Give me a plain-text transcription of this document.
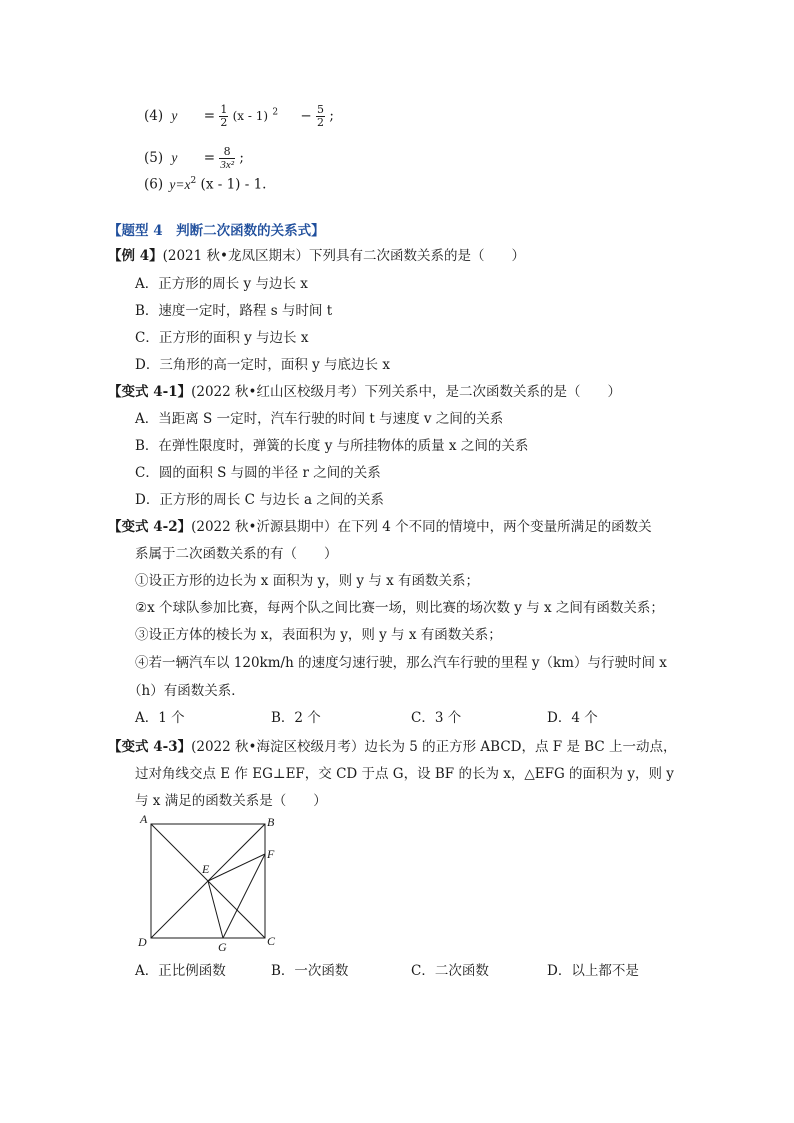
(4) $y = \frac{1}{2} (x - 1) ^2 - \frac{5}{2}$ ;
(5) $y = \frac{8}{\text{3x²}}$ ;
(6) $y=x^2$ (x - 1) - 1.
【题型 4　判断二次函数的关系式】
【例 4】(2021 秋•龙凤区期末）下列具有二次函数关系的是（　　）
A．正方形的周长 y 与边长 x
B．速度一定时，路程 s 与时间 t
C．正方形的面积 y 与边长 x
D．三角形的高一定时，面积 y 与底边长 x
【变式 4-1】(2022 秋•红山区校级月考）下列关系中，是二次函数关系的是（　　）
A．当距离 S 一定时，汽车行驶的时间 t 与速度 v 之间的关系
B．在弹性限度时，弹簧的长度 y 与所挂物体的质量 x 之间的关系
C．圆的面积 S 与圆的半径 r 之间的关系
D．正方形的周长 C 与边长 a 之间的关系
【变式 4-2】(2022 秋•沂源县期中）在下列 4 个不同的情境中，两个变量所满足的函数关
系属于二次函数关系的有（　　）
①设正方形的边长为 x 面积为 y，则 y 与 x 有函数关系；
②x 个球队参加比赛，每两个队之间比赛一场，则比赛的场次数 y 与 x 之间有函数关系；
③设正方体的棱长为 x，表面积为 y，则 y 与 x 有函数关系；
④若一辆汽车以 120km/h 的速度匀速行驶，那么汽车行驶的里程 y（km）与行驶时间 x
（h）有函数关系．
A．1 个	B．2 个	C．3 个	D．4 个
【变式 4-3】(2022 秋•海淀区校级月考）边长为 5 的正方形 ABCD，点 F 是 BC 上一动点，
过对角线交点 E 作 EG⊥EF，交 CD 于点 G，设 BF 的长为 x，△EFG 的面积为 y，则 y
与 x 满足的函数关系是（　　）
A	B
F
E
D	G	C
A．正比例函数	B．一次函数	C．二次函数	D．以上都不是
